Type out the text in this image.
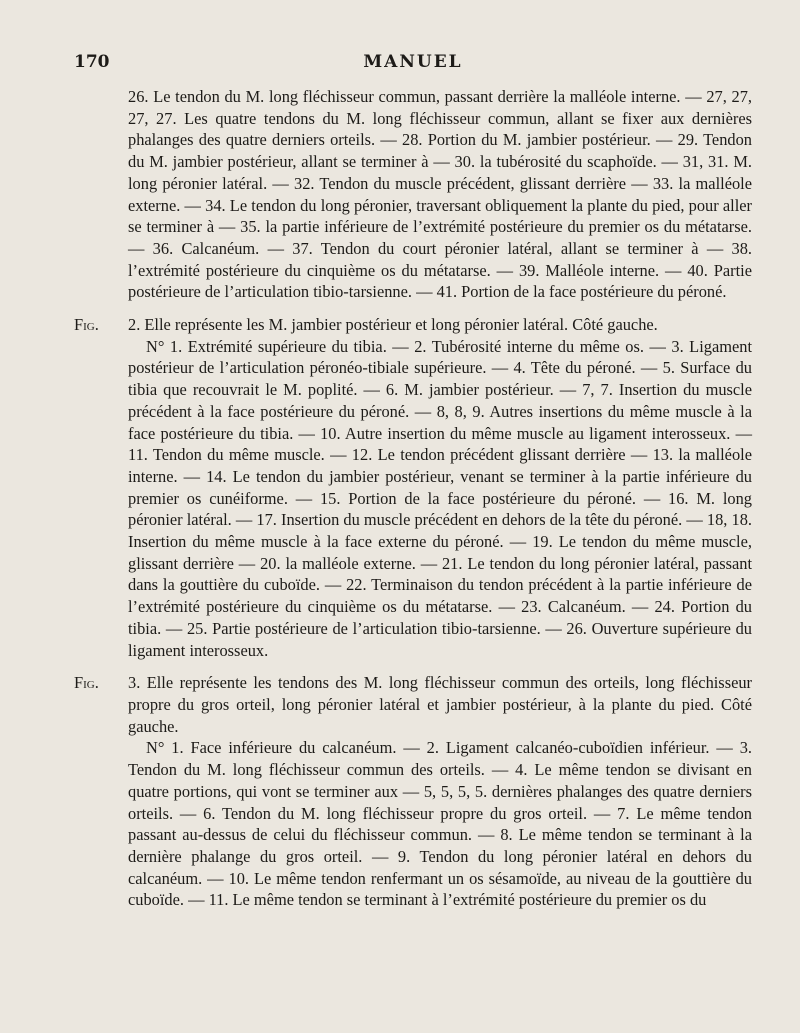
170	MANUEL

26. Le tendon du M. long fléchisseur commun, passant derrière la malléole interne. — 27, 27, 27, 27. Les quatre tendons du M. long fléchisseur commun, allant se fixer aux dernières phalanges des quatre derniers orteils. — 28. Portion du M. jambier postérieur. — 29. Tendon du M. jambier postérieur, allant se terminer à — 30. la tubérosité du scaphoïde. — 31, 31. M. long péronier latéral. — 32. Tendon du muscle précédent, glissant derrière — 33. la malléole externe. — 34. Le tendon du long péronier, traversant obliquement la plante du pied, pour aller se terminer à — 35. la partie inférieure de l’extrémité postérieure du premier os du métatarse. — 36. Calcanéum. — 37. Tendon du court péronier latéral, allant se terminer à — 38. l’extrémité postérieure du cinquième os du métatarse. — 39. Malléole interne. — 40. Partie postérieure de l’articulation tibio-tarsienne. — 41. Portion de la face postérieure du péroné.

Fig. 2. Elle représente les M. jambier postérieur et long péronier latéral. Côté gauche.

N° 1. Extrémité supérieure du tibia. — 2. Tubérosité interne du même os. — 3. Ligament postérieur de l’articulation péronéo-tibiale supérieure. — 4. Tête du péroné. — 5. Surface du tibia que recouvrait le M. poplité. — 6. M. jambier postérieur. — 7, 7. Insertion du muscle précédent à la face postérieure du péroné. — 8, 8, 9. Autres insertions du même muscle à la face postérieure du tibia. — 10. Autre insertion du même muscle au ligament interosseux. — 11. Tendon du même muscle. — 12. Le tendon précédent glissant derrière — 13. la malléole interne. — 14. Le tendon du jambier postérieur, venant se terminer à la partie inférieure du premier os cunéiforme. — 15. Portion de la face postérieure du péroné. — 16. M. long péronier latéral. — 17. Insertion du muscle précédent en dehors de la tête du péroné. — 18, 18. Insertion du même muscle à la face externe du péroné. — 19. Le tendon du même muscle, glissant derrière — 20. la malléole externe. — 21. Le tendon du long péronier latéral, passant dans la gouttière du cuboïde. — 22. Terminaison du tendon précédent à la partie inférieure de l’extrémité postérieure du cinquième os du métatarse. — 23. Calcanéum. — 24. Portion du tibia. — 25. Partie postérieure de l’articulation tibio-tarsienne. — 26. Ouverture supérieure du ligament interosseux.

Fig. 3. Elle représente les tendons des M. long fléchisseur commun des orteils, long fléchisseur propre du gros orteil, long péronier latéral et jambier postérieur, à la plante du pied. Côté gauche.

N° 1. Face inférieure du calcanéum. — 2. Ligament calcanéo-cuboïdien inférieur. — 3. Tendon du M. long fléchisseur commun des orteils. — 4. Le même tendon se divisant en quatre portions, qui vont se terminer aux — 5, 5, 5, 5. dernières phalanges des quatre derniers orteils. — 6. Tendon du M. long fléchisseur propre du gros orteil. — 7. Le même tendon passant au-dessus de celui du fléchisseur commun. — 8. Le même tendon se terminant à la dernière phalange du gros orteil. — 9. Tendon du long péronier latéral en dehors du calcanéum. — 10. Le même tendon renfermant un os sésamoïde, au niveau de la gouttière du cuboïde. — 11. Le même tendon se terminant à l’extrémité postérieure du premier os du
